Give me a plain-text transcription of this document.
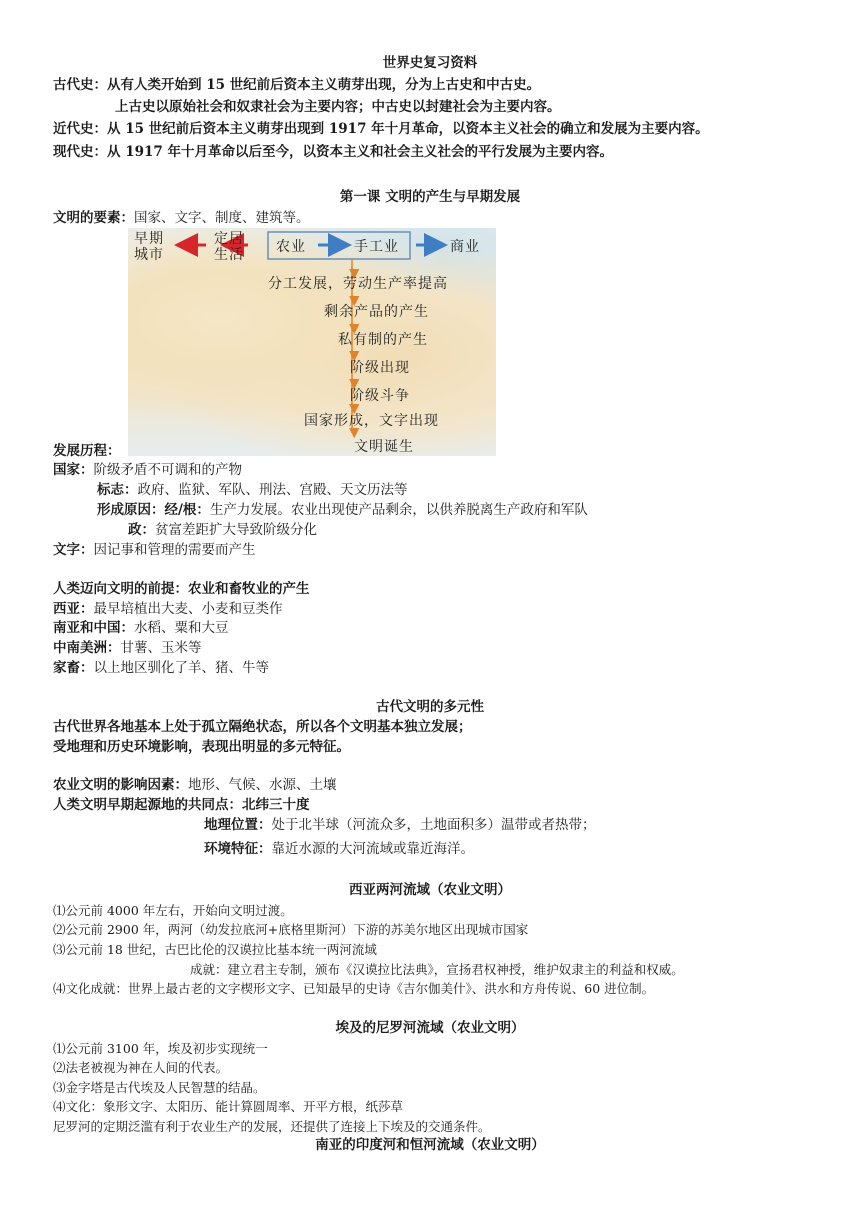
世界史复习资料
古代史：从有人类开始到 15 世纪前后资本主义萌芽出现，分为上古史和中古史。
上古史以原始社会和奴隶社会为主要内容；中古史以封建社会为主要内容。
近代史：从 15 世纪前后资本主义萌芽出现到 1917 年十月革命，以资本主义社会的确立和发展为主要内容。
现代史：从 1917 年十月革命以后至今，以资本主义和社会主义社会的平行发展为主要内容。
第一课 文明的产生与早期发展
文明的要素：国家、文字、制度、建筑等。
早期
城市
定居
生活 农业	手工业	商业
分工发展，劳动生产率提高
剩余产品的产生
私有制的产生
阶级出现
阶级斗争
国家形成，文字出现
文明诞生
发展历程：
国家：阶级矛盾不可调和的产物
标志：政府、监狱、军队、刑法、宫殿、天文历法等
形成原因：经/根：生产力发展。农业出现使产品剩余，以供养脱离生产政府和军队
政：贫富差距扩大导致阶级分化
文字：因记事和管理的需要而产生
人类迈向文明的前提：农业和畜牧业的产生
西亚：最早培植出大麦、小麦和豆类作
南亚和中国：水稻、粟和大豆
中南美洲：甘薯、玉米等
家畜：以上地区驯化了羊、猪、牛等
古代文明的多元性
古代世界各地基本上处于孤立隔绝状态，所以各个文明基本独立发展；
受地理和历史环境影响，表现出明显的多元特征。
农业文明的影响因素：地形、气候、水源、土壤
人类文明早期起源地的共同点：北纬三十度
地理位置：处于北半球（河流众多，土地面积多）温带或者热带；
环境特征：靠近水源的大河流域或靠近海洋。
西亚两河流域（农业文明）
⑴公元前 4000 年左右，开始向文明过渡。
⑵公元前 2900 年，两河（幼发拉底河+底格里斯河）下游的苏美尔地区出现城市国家
⑶公元前 18 世纪，古巴比伦的汉谟拉比基本统一两河流域
成就：建立君主专制，颁布《汉谟拉比法典》，宣扬君权神授，维护奴隶主的利益和权威。
⑷文化成就：世界上最古老的文字楔形文字、已知最早的史诗《吉尔伽美什》、洪水和方舟传说、60 进位制。
埃及的尼罗河流域（农业文明）
⑴公元前 3100 年，埃及初步实现统一
⑵法老被视为神在人间的代表。
⑶金字塔是古代埃及人民智慧的结晶。
⑷文化：象形文字、太阳历、能计算圆周率、开平方根，纸莎草
尼罗河的定期泛滥有利于农业生产的发展，还提供了连接上下埃及的交通条件。
南亚的印度河和恒河流域（农业文明）
